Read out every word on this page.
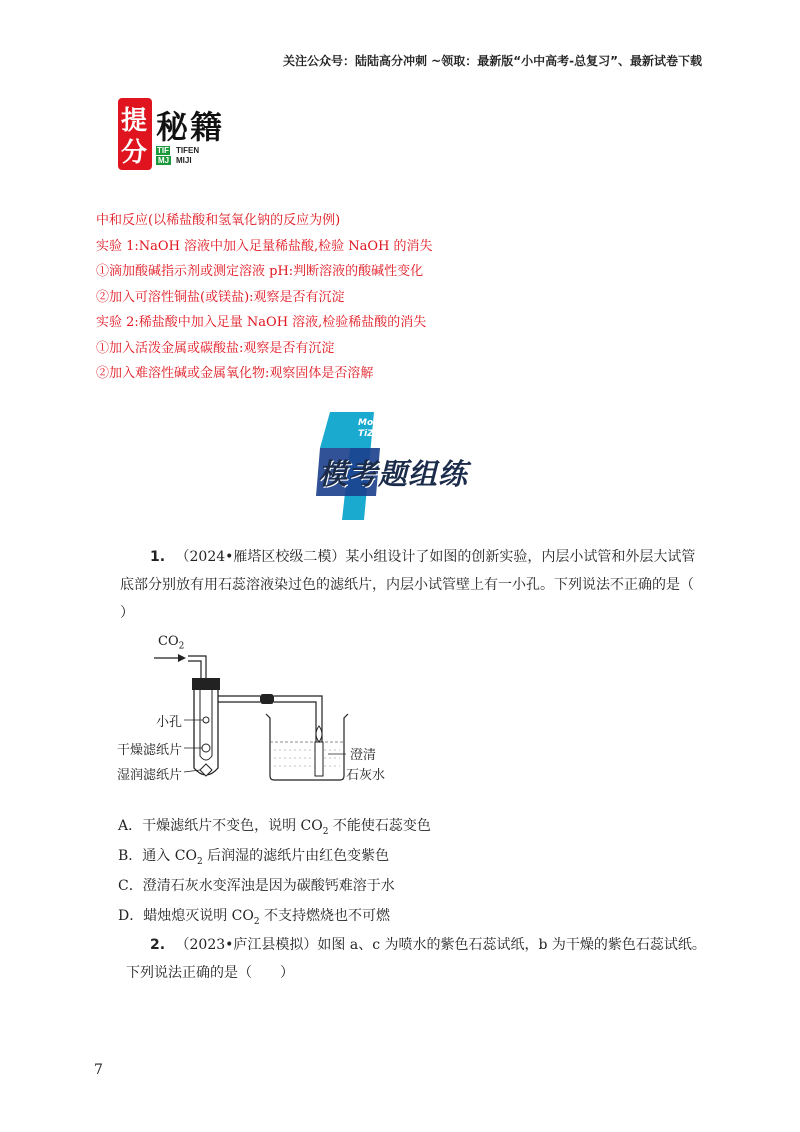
关注公众号：陆陆高分冲刺 ~领取：最新版“小中高考-总复习”、最新试卷下载
提
分
秘 籍
TIF
MJ
TIFEN
MIJI
中和反应(以稀盐酸和氢氧化钠的反应为例)
实验 1:NaOH 溶液中加入足量稀盐酸,检验 NaOH 的消失
①滴加酸碱指示剂或测定溶液 pH:判断溶液的酸碱性变化
②加入可溶性铜盐(或镁盐):观察是否有沉淀
实验 2:稀盐酸中加入足量 NaOH 溶液,检验稀盐酸的消失
①加入活泼金属或碳酸盐:观察是否有沉淀
②加入难溶性碱或金属氧化物:观察固体是否溶解
MoKao
TiZuLian
模考题组练
1. （2024•雁塔区校级二模）某小组设计了如图的创新实验，内层小试管和外层大试管
底部分别放有用石蕊溶液染过色的滤纸片，内层小试管壁上有一小孔。下列说法不正确的是（
）
$CO_2$
小孔
干燥滤纸片
湿润滤纸片
澄清
石灰水
A．干燥滤纸片不变色，说明 $CO_2$ 不能使石蕊变色
B．通入 $CO_2$ 后润湿的滤纸片由红色变紫色
C．澄清石灰水变浑浊是因为碳酸钙难溶于水
D．蜡烛熄灭说明 $CO_2$ 不支持燃烧也不可燃
2. （2023•庐江县模拟）如图 a、c 为喷水的紫色石蕊试纸，b 为干燥的紫色石蕊试纸。
下列说法正确的是（　　）
7
